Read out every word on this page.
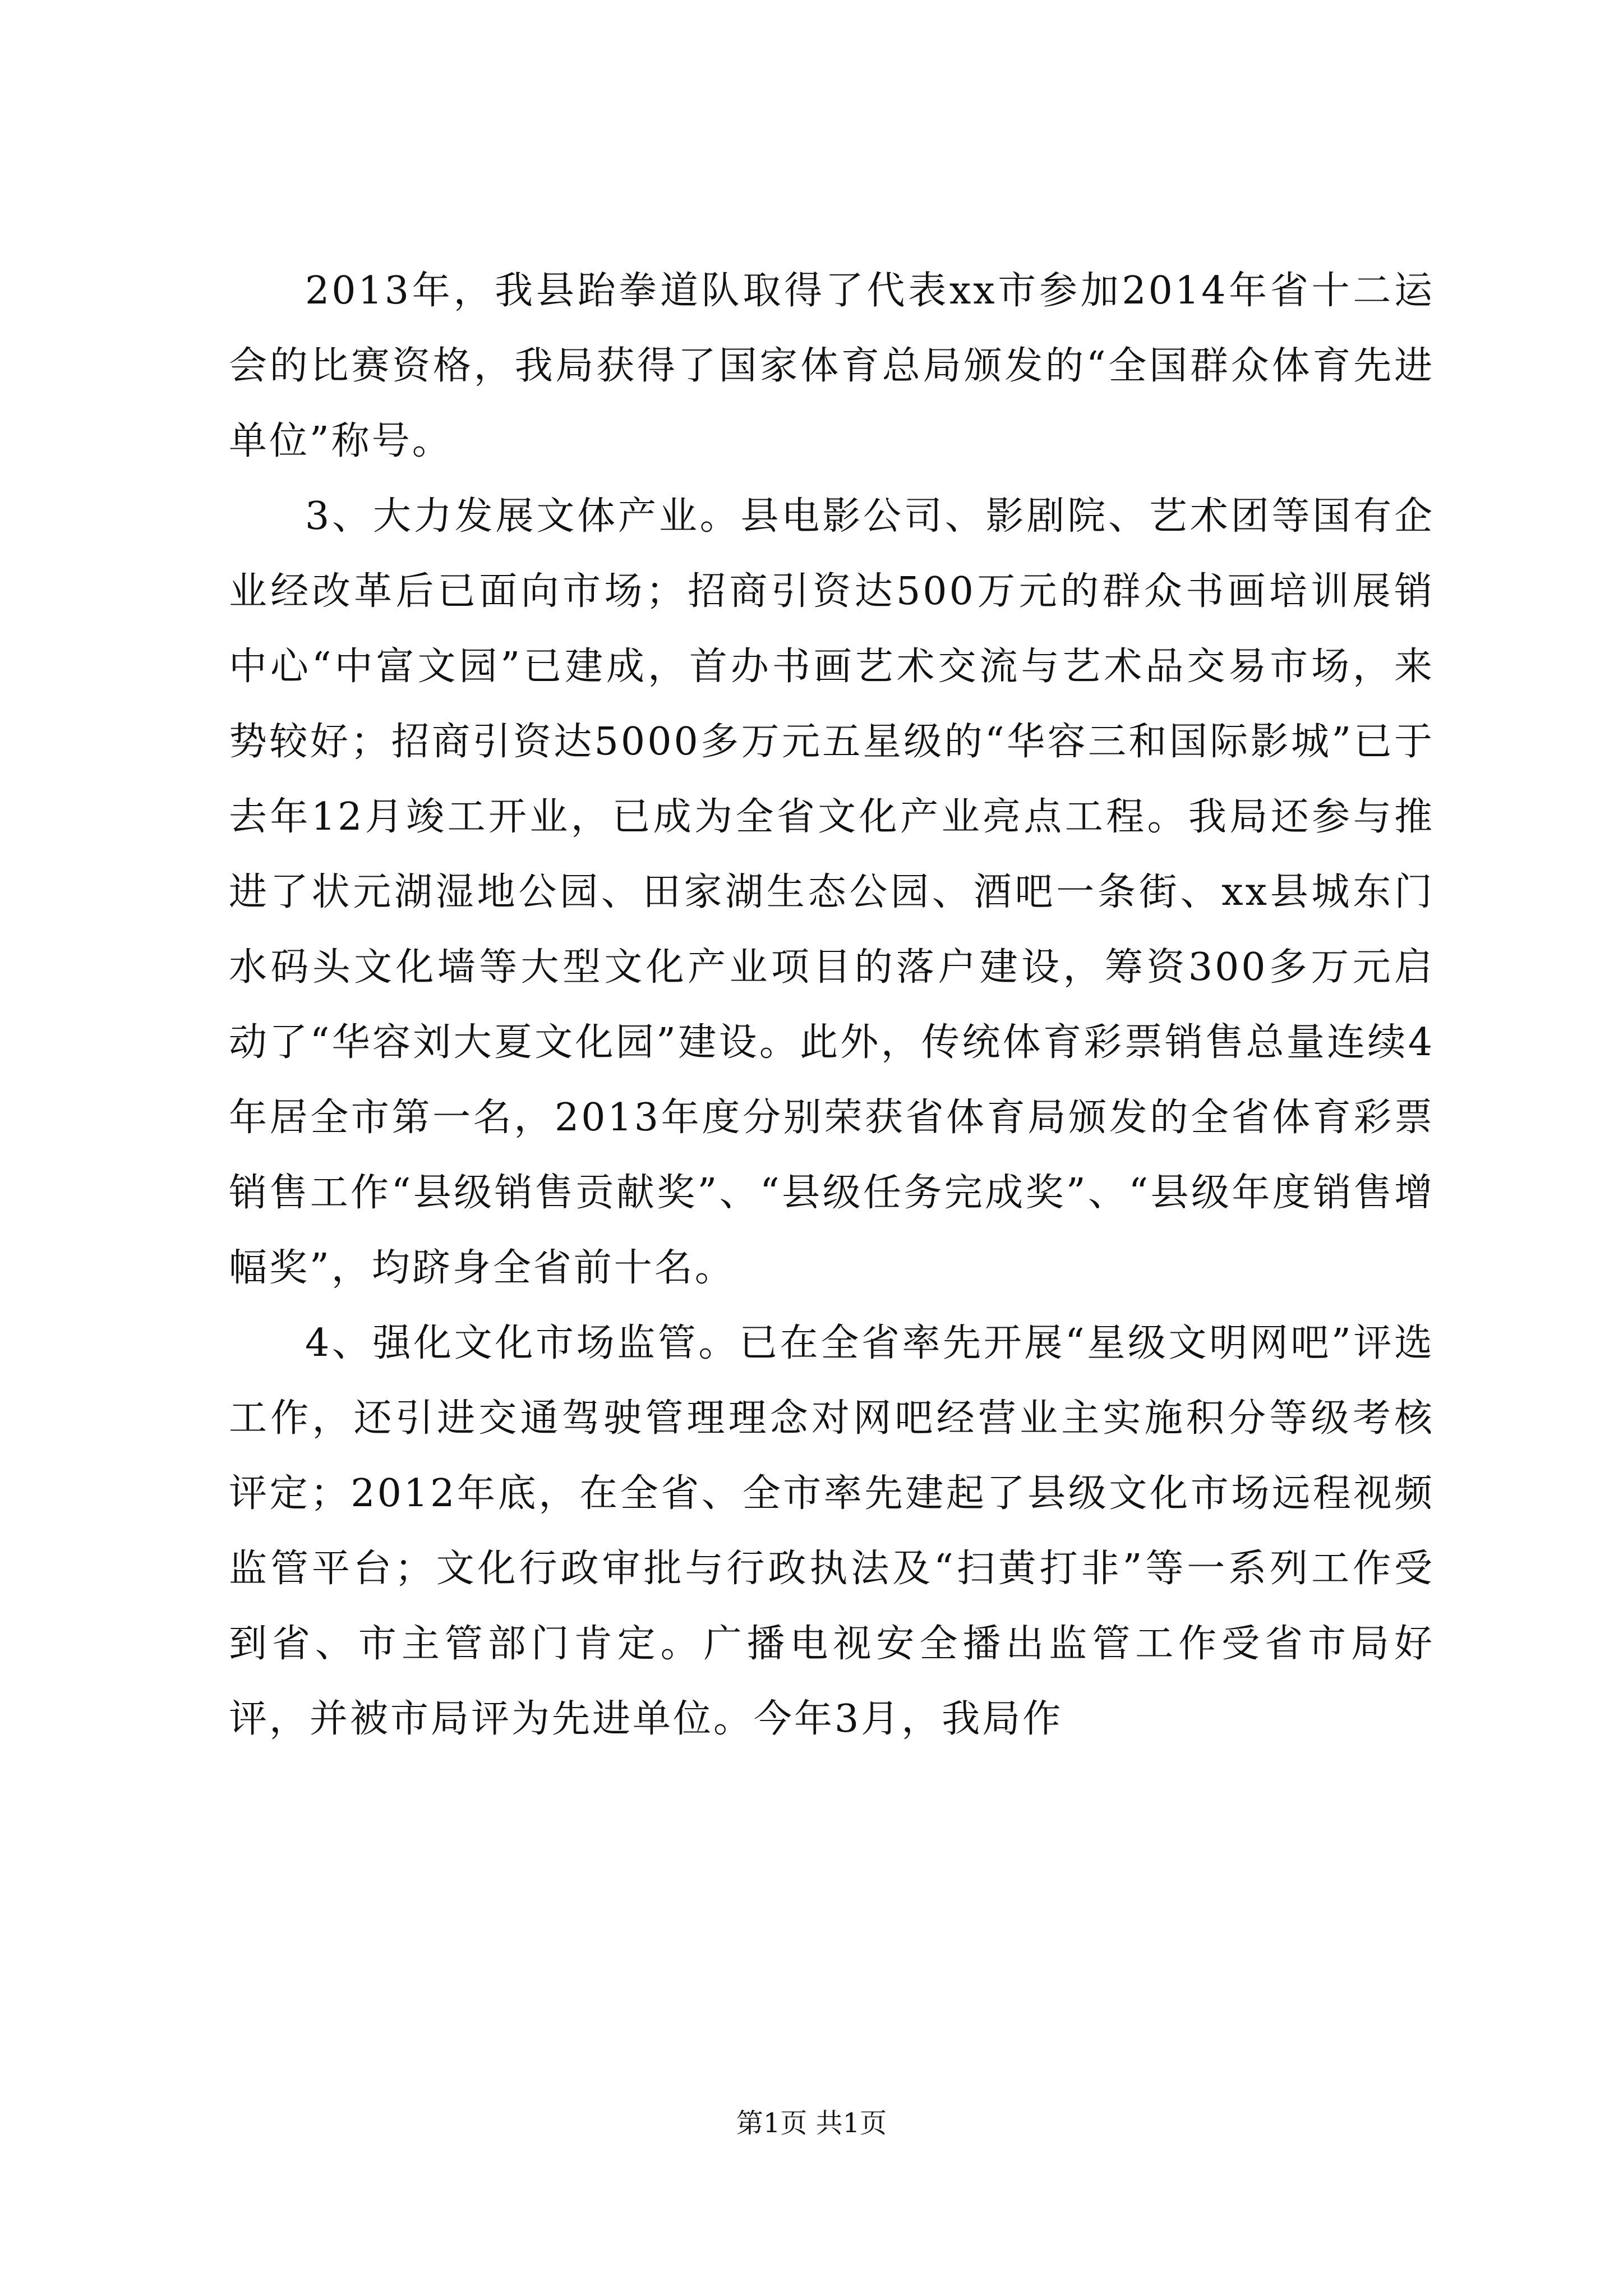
2013年，我县跆拳道队取得了代表xx市参加2014年省十二运会的比赛资格，我局获得了国家体育总局颁发的“全国群众体育先进单位”称号。

3、大力发展文体产业。县电影公司、影剧院、艺术团等国有企业经改革后已面向市场；招商引资达500万元的群众书画培训展销中心“中富文园”已建成，首办书画艺术交流与艺术品交易市场，来势较好；招商引资达5000多万元五星级的“华容三和国际影城”已于去年12月竣工开业，已成为全省文化产业亮点工程。我局还参与推进了状元湖湿地公园、田家湖生态公园、酒吧一条街、xx县城东门水码头文化墙等大型文化产业项目的落户建设，筹资300多万元启动了“华容刘大夏文化园”建设。此外，传统体育彩票销售总量连续4年居全市第一名，2013年度分别荣获省体育局颁发的全省体育彩票销售工作“县级销售贡献奖”、“县级任务完成奖”、“县级年度销售增幅奖”，均跻身全省前十名。

4、强化文化市场监管。已在全省率先开展“星级文明网吧”评选工作，还引进交通驾驶管理理念对网吧经营业主实施积分等级考核评定；2012年底，在全省、全市率先建起了县级文化市场远程视频监管平台；文化行政审批与行政执法及“扫黄打非”等一系列工作受到省、市主管部门肯定。广播电视安全播出监管工作受省市局好评，并被市局评为先进单位。今年3月，我局作

第1页 共1页
